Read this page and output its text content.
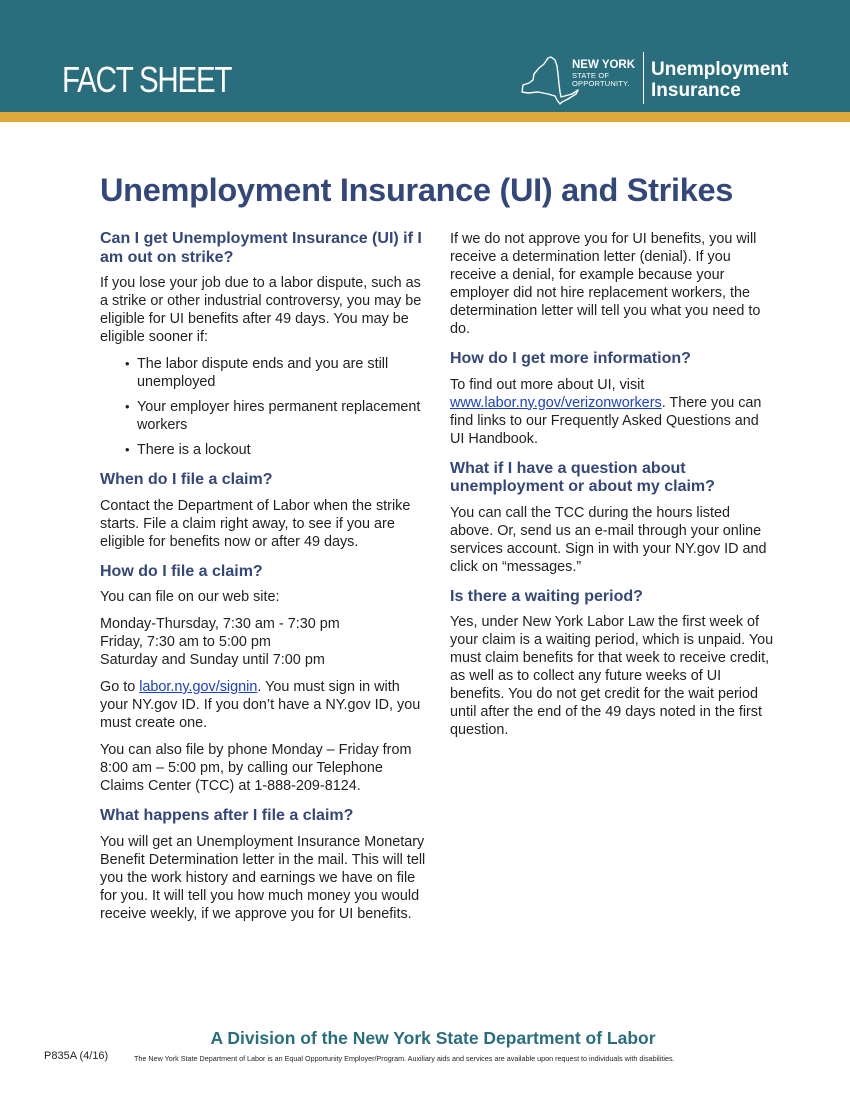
FACT SHEET	NEW YORK
STATE OF
OPPORTUNITY.
Unemployment
Insurance
Unemployment Insurance (UI) and Strikes
Can I get Unemployment Insurance (UI) if I am out on strike?

If you lose your job due to a labor dispute, such as a strike or other industrial controversy, you may be eligible for UI benefits after 49 days. You may be eligible sooner if:

• The labor dispute ends and you are still unemployed
• Your employer hires permanent replacement workers
• There is a lockout
When do I file a claim?

Contact the Department of Labor when the strike starts. File a claim right away, to see if you are eligible for benefits now or after 49 days.

How do I file a claim?

You can file on our web site:

Monday-Thursday, 7:30 am - 7:30 pm
Friday, 7:30 am to 5:00 pm
Saturday and Sunday until 7:00 pm

Go to labor.ny.gov/signin. You must sign in with your NY.gov ID. If you don’t have a NY.gov ID, you must create one.

You can also file by phone Monday – Friday from 8:00 am – 5:00 pm, by calling our Telephone Claims Center (TCC) at 1-888-209-8124.

What happens after I file a claim?

You will get an Unemployment Insurance Monetary Benefit Determination letter in the mail. This will tell you the work history and earnings we have on file for you. It will tell you how much money you would receive weekly, if we approve you for UI benefits.

If we do not approve you for UI benefits, you will receive a determination letter (denial). If you receive a denial, for example because your employer did not hire replacement workers, the determination letter will tell you what you need to do.

How do I get more information?

To find out more about UI, visit www.labor.ny.gov/verizonworkers. There you can find links to our Frequently Asked Questions and UI Handbook.

What if I have a question about unemployment or about my claim?

You can call the TCC during the hours listed above. Or, send us an e-mail through your online services account. Sign in with your NY.gov ID and click on “messages.”

Is there a waiting period?

Yes, under New York Labor Law the first week of your claim is a waiting period, which is unpaid. You must claim benefits for that week to receive credit, as well as to collect any future weeks of UI benefits. You do not get credit for the wait period until after the end of the 49 days noted in the first question.

A Division of the New York State Department of Labor
P835A (4/16)	The New York State Department of Labor is an Equal Opportunity Employer/Program. Auxiliary aids and services are available upon request to individuals with disabilities.
